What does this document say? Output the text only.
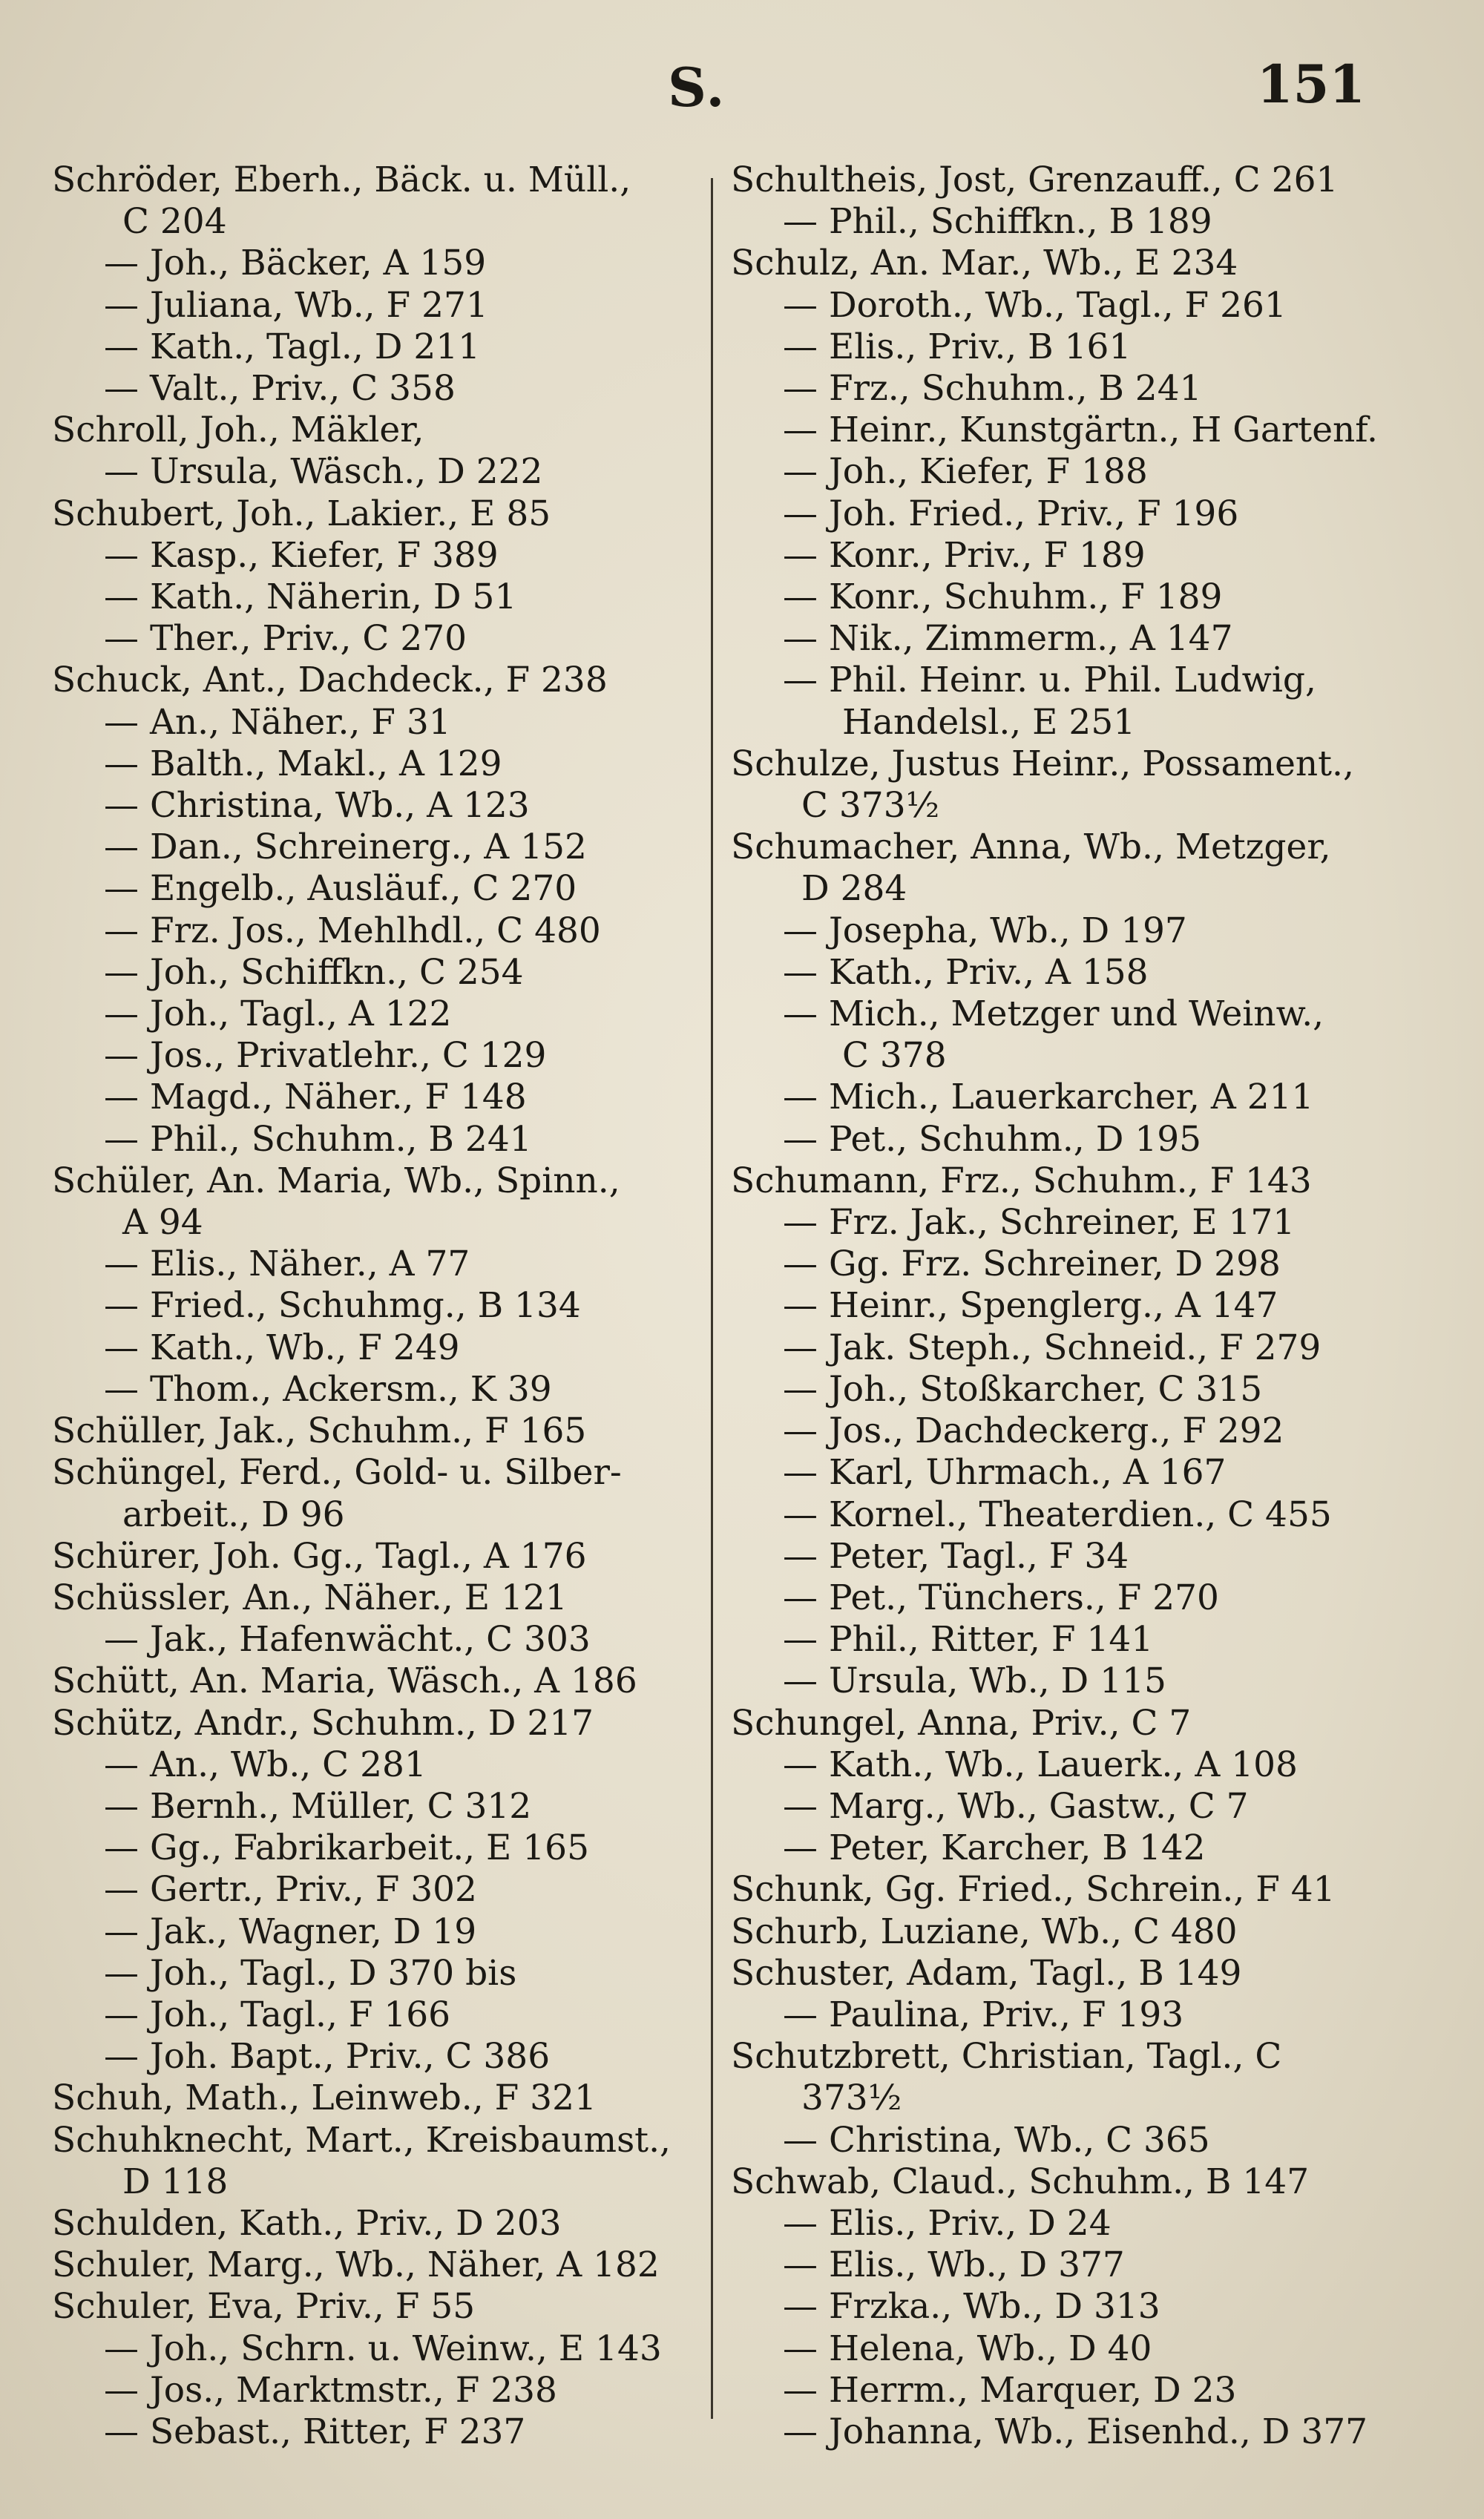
S.	151
Schröder, Eberh., Bäck. u. Müll.,
C 204
— Joh., Bäcker, A 159
— Juliana, Wb., F 271
— Kath., Tagl., D 211
— Valt., Priv., C 358
Schroll, Joh., Mäkler,
— Ursula, Wäsch., D 222
Schubert, Joh., Lakier., E 85
— Kasp., Kiefer, F 389
— Kath., Näherin, D 51
— Ther., Priv., C 270
Schuck, Ant., Dachdeck., F 238
— An., Näher., F 31
— Balth., Makl., A 129
— Christina, Wb., A 123
— Dan., Schreinerg., A 152
— Engelb., Ausläuf., C 270
— Frz. Jos., Mehlhdl., C 480
— Joh., Schiffkn., C 254
— Joh., Tagl., A 122
— Jos., Privatlehr., C 129
— Magd., Näher., F 148
— Phil., Schuhm., B 241
Schüler, An. Maria, Wb., Spinn.,
A 94
— Elis., Näher., A 77
— Fried., Schuhmg., B 134
— Kath., Wb., F 249
— Thom., Ackersm., K 39
Schüller, Jak., Schuhm., F 165
Schüngel, Ferd., Gold- u. Silber-
arbeit., D 96
Schürer, Joh. Gg., Tagl., A 176
Schüssler, An., Näher., E 121
— Jak., Hafenwächt., C 303
Schütt, An. Maria, Wäsch., A 186
Schütz, Andr., Schuhm., D 217
— An., Wb., C 281
— Bernh., Müller, C 312
— Gg., Fabrikarbeit., E 165
— Gertr., Priv., F 302
— Jak., Wagner, D 19
— Joh., Tagl., D 370 bis
— Joh., Tagl., F 166
— Joh. Bapt., Priv., C 386
Schuh, Math., Leinweb., F 321
Schuhknecht, Mart., Kreisbaumst.,
D 118
Schulden, Kath., Priv., D 203
Schuler, Marg., Wb., Näher, A 182
Schuler, Eva, Priv., F 55
— Joh., Schrn. u. Weinw., E 143
— Jos., Marktmstr., F 238
— Sebast., Ritter, F 237
Schultheis, Jost, Grenzauff., C 261
— Phil., Schiffkn., B 189
Schulz, An. Mar., Wb., E 234
— Doroth., Wb., Tagl., F 261
— Elis., Priv., B 161
— Frz., Schuhm., B 241
— Heinr., Kunstgärtn., H Gartenf.
— Joh., Kiefer, F 188
— Joh. Fried., Priv., F 196
— Konr., Priv., F 189
— Konr., Schuhm., F 189
— Nik., Zimmerm., A 147
— Phil. Heinr. u. Phil. Ludwig,
Handelsl., E 251
Schulze, Justus Heinr., Possament.,
C 373½
Schumacher, Anna, Wb., Metzger,
D 284
— Josepha, Wb., D 197
— Kath., Priv., A 158
— Mich., Metzger und Weinw.,
C 378
— Mich., Lauerkarcher, A 211
— Pet., Schuhm., D 195
Schumann, Frz., Schuhm., F 143
— Frz. Jak., Schreiner, E 171
— Gg. Frz. Schreiner, D 298
— Heinr., Spenglerg., A 147
— Jak. Steph., Schneid., F 279
— Joh., Stoßkarcher, C 315
— Jos., Dachdeckerg., F 292
— Karl, Uhrmach., A 167
— Kornel., Theaterdien., C 455
— Peter, Tagl., F 34
— Pet., Tünchers., F 270
— Phil., Ritter, F 141
— Ursula, Wb., D 115
Schungel, Anna, Priv., C 7
— Kath., Wb., Lauerk., A 108
— Marg., Wb., Gastw., C 7
— Peter, Karcher, B 142
Schunk, Gg. Fried., Schrein., F 41
Schurb, Luziane, Wb., C 480
Schuster, Adam, Tagl., B 149
— Paulina, Priv., F 193
Schutzbrett, Christian, Tagl., C
373½
— Christina, Wb., C 365
Schwab, Claud., Schuhm., B 147
— Elis., Priv., D 24
— Elis., Wb., D 377
— Frzka., Wb., D 313
— Helena, Wb., D 40
— Herrm., Marquer, D 23
— Johanna, Wb., Eisenhd., D 377
